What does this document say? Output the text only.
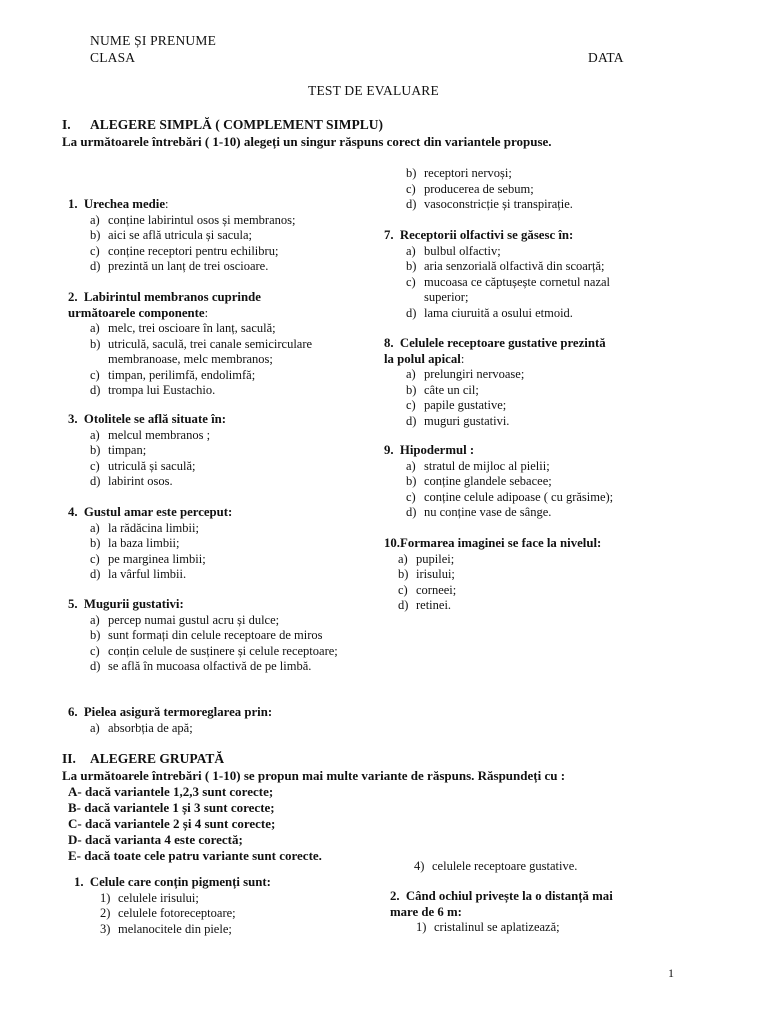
NUME ȘI PRENUME
CLASA	DATA
TEST DE EVALUARE
I. ALEGERE SIMPLĂ ( COMPLEMENT SIMPLU)
La următoarele întrebări ( 1-10) alegeți un singur răspuns corect din variantele propuse.
1. Urechea medie:
a) conține labirintul osos și membranos;
b) aici se află utricula și sacula;
c) conține receptori pentru echilibru;
d) prezintă un lanț de trei oscioare.
2. Labirintul membranos cuprinde
următoarele componente:
a) melc, trei oscioare în lanț, saculă;
b) utriculă, saculă, trei canale semicirculare membranoase, melc membranos;
c) timpan, perilimfă, endolimfă;
d) trompa lui Eustachio.
3. Otolitele se află situate în:
a) melcul membranos ;
b) timpan;
c) utriculă și saculă;
d) labirint osos.
4. Gustul amar este perceput:
a) la rădăcina limbii;
b) la baza limbii;
c) pe marginea limbii;
d) la vârful limbii.
5. Mugurii gustativi:
a) percep numai gustul acru și dulce;
b) sunt formați din celule receptoare de miros
c) conțin celule de susținere și celule receptoare;
d) se află în mucoasa olfactivă de pe limbă.
6. Pielea asigură termoreglarea prin:
a) absorbția de apă;
b) receptori nervoși;
c) producerea de sebum;
d) vasoconstricție și transpirație.
7. Receptorii olfactivi se găsesc în:
a) bulbul olfactiv;
b) aria senzorială olfactivă din scoarță;
c) mucoasa ce căptușește cornetul nazal superior;
d) lama ciuruită a osului etmoid.
8. Celulele receptoare gustative prezintă
la polul apical:
a) prelungiri nervoase;
b) câte un cil;
c) papile gustative;
d) muguri gustativi.
9. Hipodermul :
a) stratul de mijloc al pielii;
b) conține glandele sebacee;
c) conține celule adipoase ( cu grăsime);
d) nu conține vase de sânge.
10.Formarea imaginei se face la nivelul:
a) pupilei;
b) irisului;
c) corneei;
d) retinei.
II. ALEGERE GRUPATĂ
La următoarele întrebări ( 1-10) se propun mai multe variante de răspuns. Răspundeți cu :
A- dacă variantele 1,2,3 sunt corecte;
B- dacă variantele 1 și 3 sunt corecte;
C- dacă variantele 2 și 4 sunt corecte;
D- dacă varianta 4 este corectă;
E- dacă toate cele patru variante sunt corecte.
1. Celule care conțin pigmenți sunt:
1) celulele irisului;
2) celulele fotoreceptoare;
3) melanocitele din piele;
4) celulele receptoare gustative.
2. Când ochiul privește la o distanță mai
mare de 6 m:
1) cristalinul se aplatizează;
1
